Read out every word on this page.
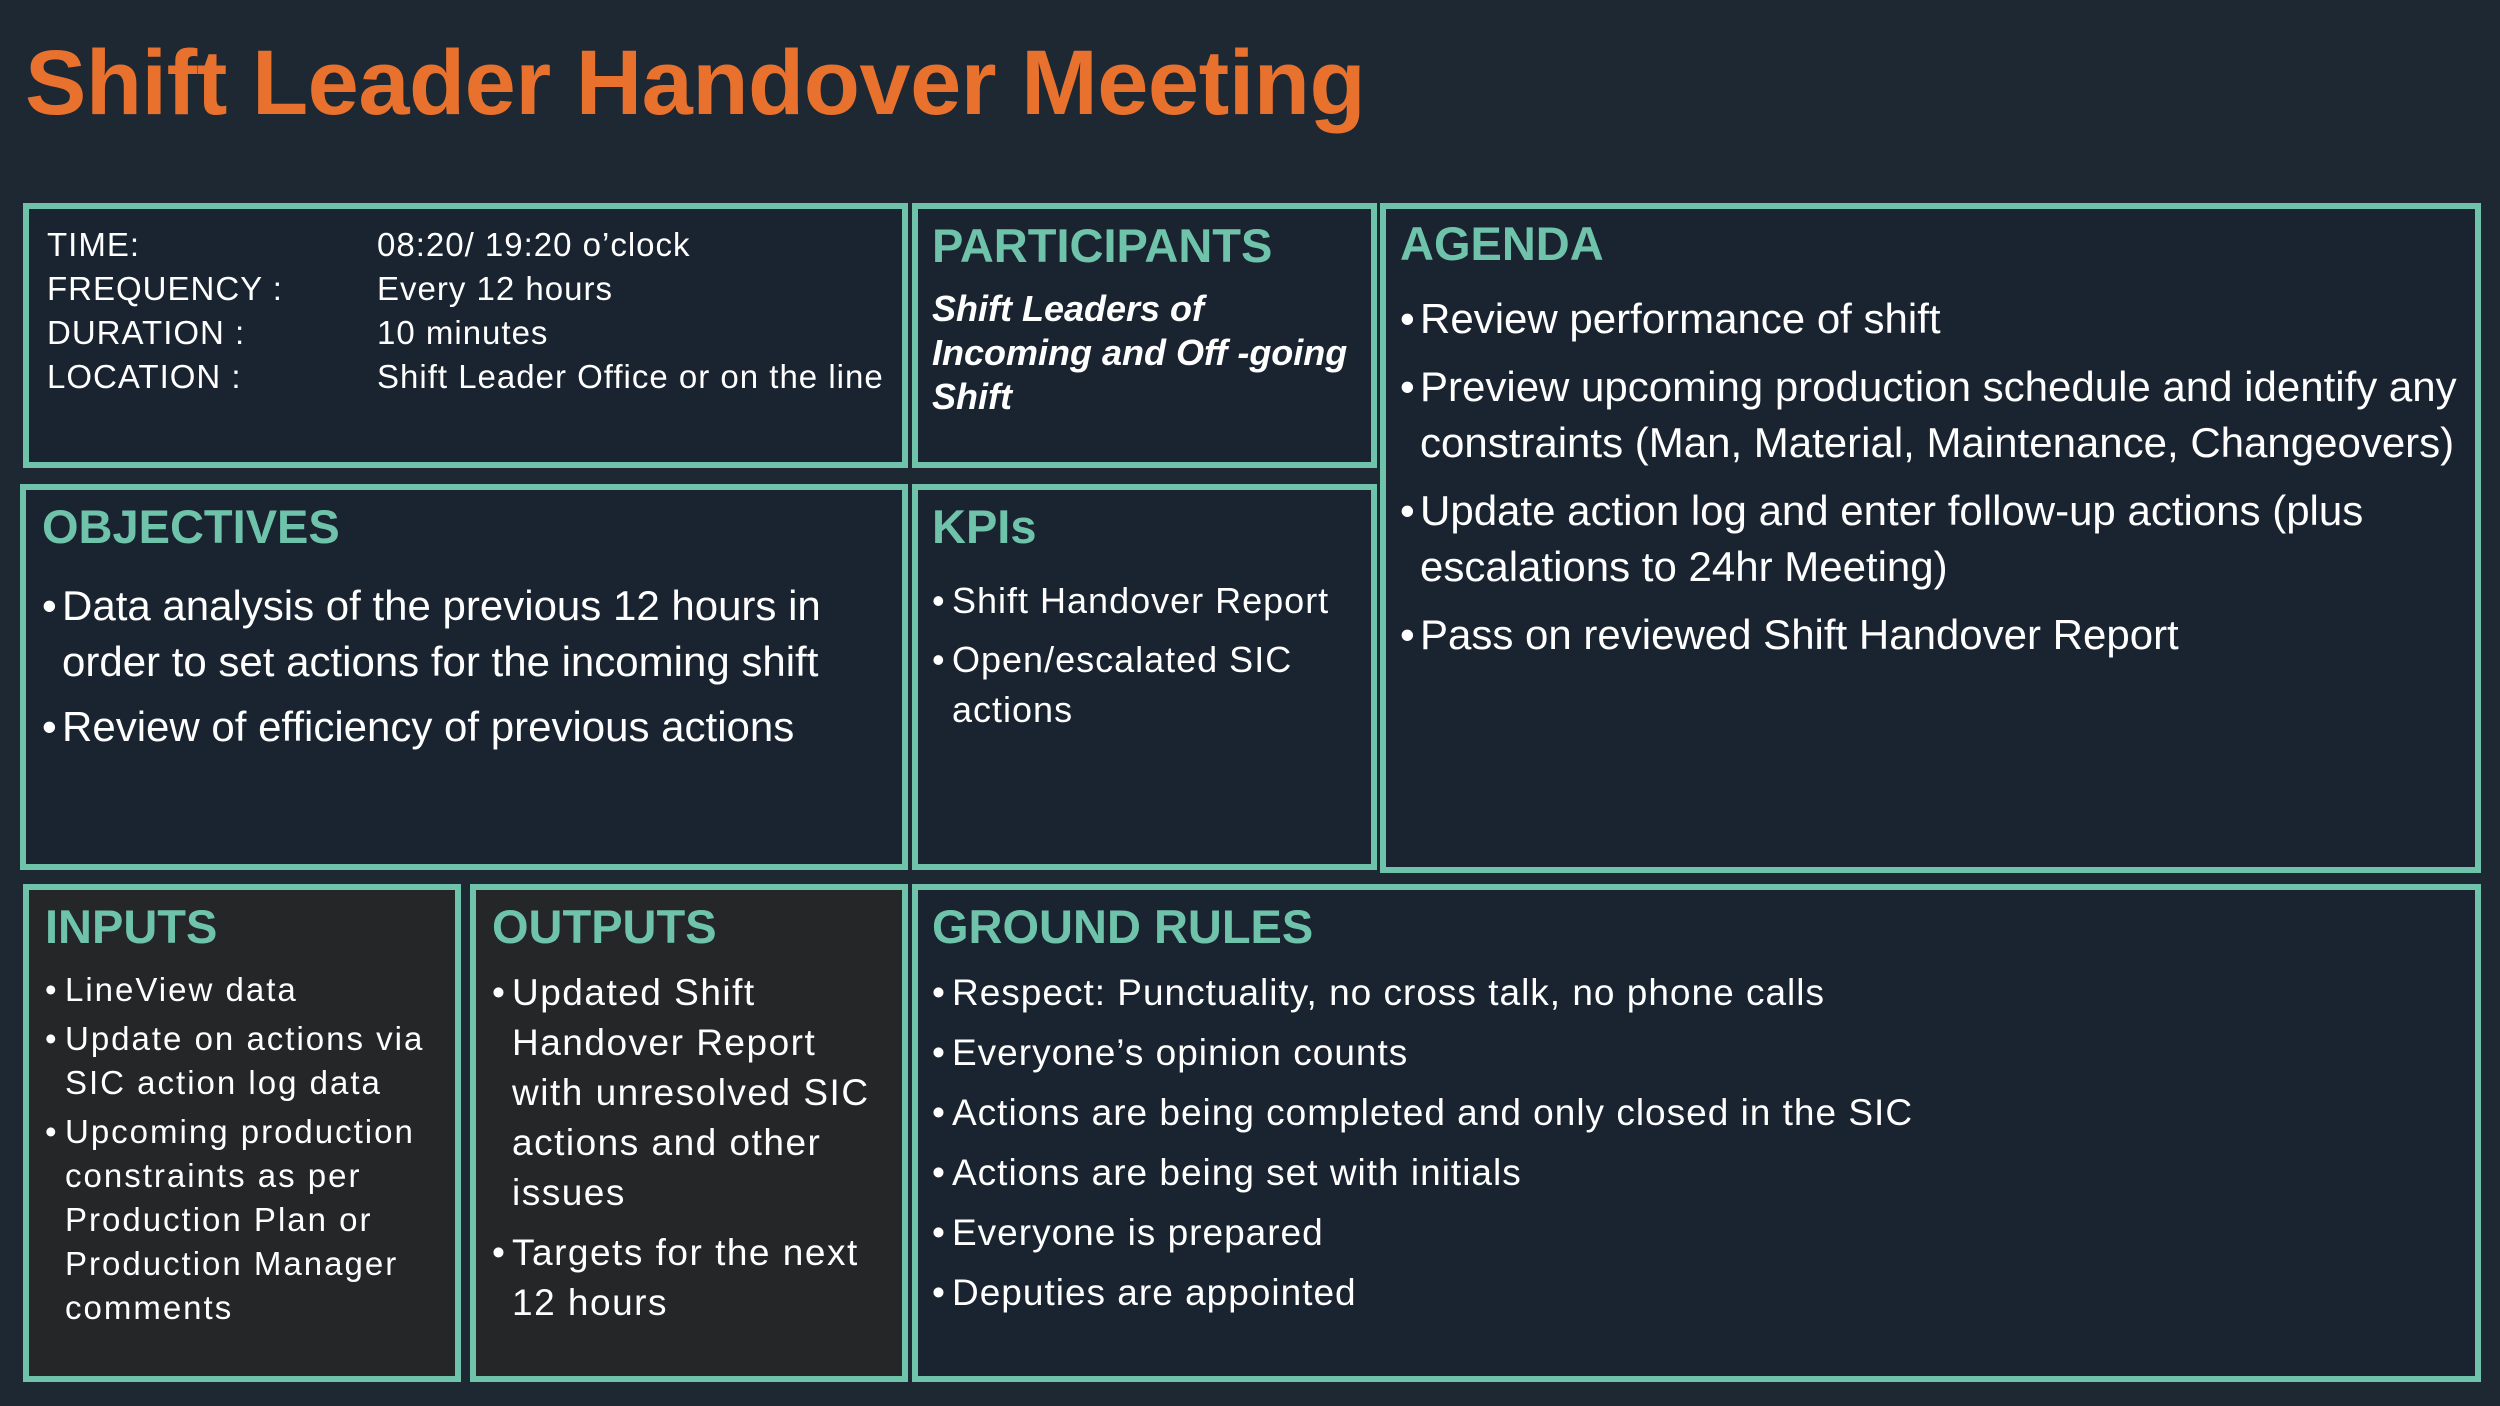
Shift Leader Handover Meeting
TIME:	08:20/ 19:20 o’clock
FREQUENCY :	Every 12 hours
DURATION :	10 minutes
LOCATION :	Shift Leader Office or on the line
PARTICIPANTS
Shift Leaders of Incoming and Off -going Shift
AGENDA
• Review performance of shift
• Preview upcoming production schedule and identify any constraints (Man, Material, Maintenance, Changeovers)
• Update action log and enter follow-up actions (plus escalations to 24hr Meeting)
• Pass on reviewed Shift Handover Report
OBJECTIVES
• Data analysis of the previous 12 hours in order to set actions for the incoming shift
• Review of efficiency of previous actions
KPIs
• Shift Handover Report
• Open/escalated SIC actions
INPUTS
• LineView data
• Update on actions via SIC action log data
• Upcoming production constraints as per Production Plan or Production Manager comments
OUTPUTS
• Updated Shift Handover Report with unresolved SIC actions and other issues
• Targets for the next 12 hours
GROUND RULES
• Respect: Punctuality, no cross talk, no phone calls
• Everyone’s opinion counts
• Actions are being completed and only closed in the SIC
• Actions are being set with initials
• Everyone is prepared
• Deputies are appointed
